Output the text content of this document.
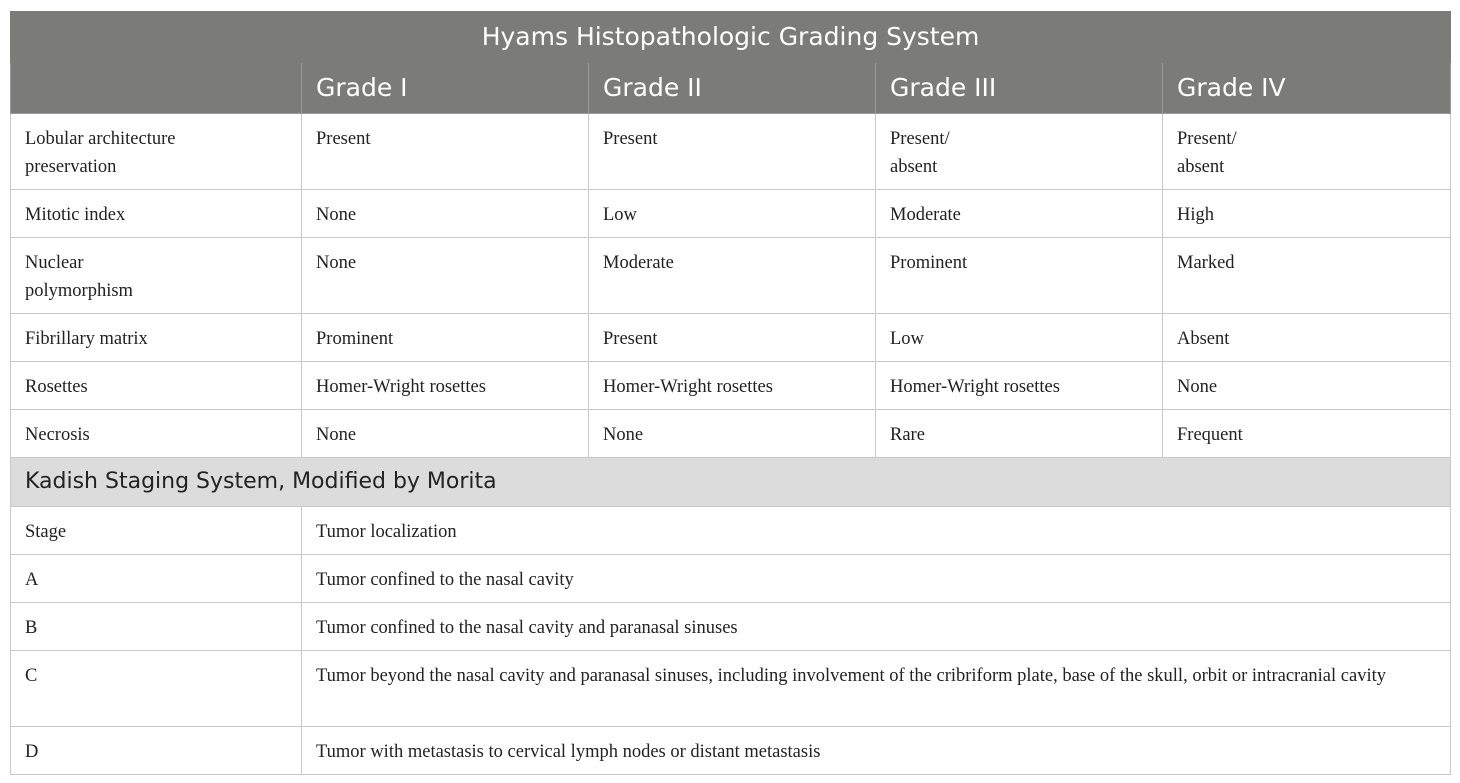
Hyams Histopathologic Grading System				
	Grade I	Grade II	Grade III	Grade IV
Lobular architecture preservation	Present	Present	Present/ absent	Present/ absent
Mitotic index	None	Low	Moderate	High
Nuclear polymorphism	None	Moderate	Prominent	Marked
Fibrillary matrix	Prominent	Present	Low	Absent
Rosettes	Homer-Wright rosettes	Homer-Wright rosettes	Homer-Wright rosettes	None
Necrosis	None	None	Rare	Frequent
Kadish Staging System, Modified by Morita				
Stage	Tumor localization			
A	Tumor confined to the nasal cavity			
B	Tumor confined to the nasal cavity and paranasal sinuses			
C	Tumor beyond the nasal cavity and paranasal sinuses, including involvement of the cribriform plate, base of the skull, orbit or intracranial cavity			
D	Tumor with metastasis to cervical lymph nodes or distant metastasis			
